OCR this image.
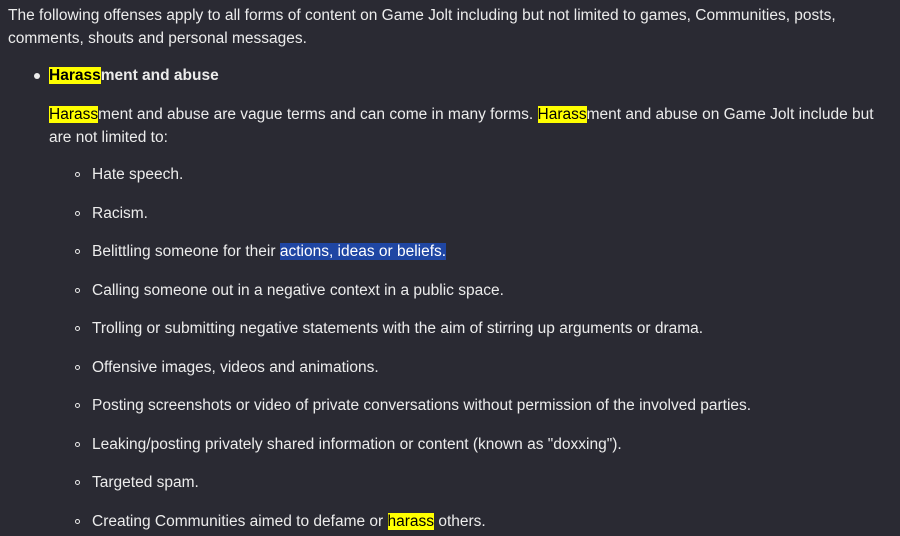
The following offenses apply to all forms of content on Game Jolt including but not limited to games, Communities, posts, comments, shouts and personal messages.

Harassment and abuse
Harassment and abuse are vague terms and can come in many forms. Harassment and abuse on Game Jolt include but are not limited to:
Hate speech.
Racism.
Belittling someone for their actions, ideas or beliefs.
Calling someone out in a negative context in a public space.
Trolling or submitting negative statements with the aim of stirring up arguments or drama.
Offensive images, videos and animations.
Posting screenshots or video of private conversations without permission of the involved parties.
Leaking/posting privately shared information or content (known as "doxxing").
Targeted spam.
Creating Communities aimed to defame or harass others.
